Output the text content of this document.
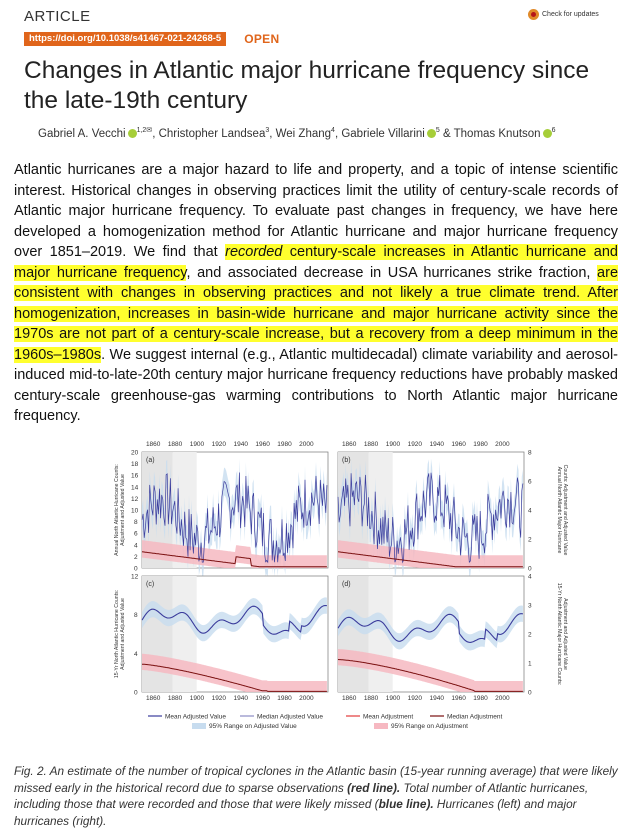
ARTICLE	Check for updates
https://doi.org/10.1038/s41467-021-24268-5	OPEN
Changes in Atlantic major hurricane frequency since the late-19th century
Gabriel A. Vecchi $^{1,2✉}$, Christopher Landsea$^3$, Wei Zhang$^4$, Gabriele Villarini $^5$ & Thomas Knutson $^6$
Atlantic hurricanes are a major hazard to life and property, and a topic of intense scientific interest. Historical changes in observing practices limit the utility of century-scale records of Atlantic major hurricane frequency. To evaluate past changes in frequency, we have here developed a homogenization method for Atlantic hurricane and major hurricane frequency over 1851–2019. We find that recorded century-scale increases in Atlantic hurricane and major hurricane frequency, and associated decrease in USA hurricanes strike fraction, are consistent with changes in observing practices and not likely a true climate trend. After homogenization, increases in basin-wide hurricane and major hurricane activity since the 1970s are not part of a century-scale increase, but a recovery from a deep minimum in the 1960s–1980s. We suggest internal (e.g., Atlantic multidecadal) climate variability and aerosol-induced mid-to-late-20th century major hurricane frequency reductions have probably masked century-scale greenhouse-gas warming contributions to North Atlantic major hurricane frequency.
1860 1880 1900 1920 1940 1960 1980 2000	1860 1880 1900 1920 1940 1960 1980 2000
(a)
0
2
4
6
8
10
12
14
16
18
20
(b)
0
2
4
6
8
(c)
0
4
8
12
(d)
0
1
2
3
4
1860 1880 1900 1920 1940 1960 1980 2000	1860 1880 1900 1920 1940 1960 1980 2000
Annual North Atlantic Hurricane Counts: Adjustment and Adjusted Value
15-Yr North Atlantic Hurricane Counts: Adjustment and Adjusted Value
Annual North Atlantic Major Hurricane Counts: Adjustment and Adjusted Value
15-Yr North Atlantic Major Hurricane Counts: Adjustment and Adjusted Value
Mean Adjusted Value	Median Adjusted Value	Mean Adjustment	Median Adjustment
95% Range on Adjusted Value	95% Range on Adjustment
Fig. 2. An estimate of the number of tropical cyclones in the Atlantic basin (15-year running average) that were likely missed early in the historical record due to sparse observations (red line). Total number of Atlantic hurricanes, including those that were recorded and those that were likely missed (blue line). Hurricanes (left) and major hurricanes (right).
